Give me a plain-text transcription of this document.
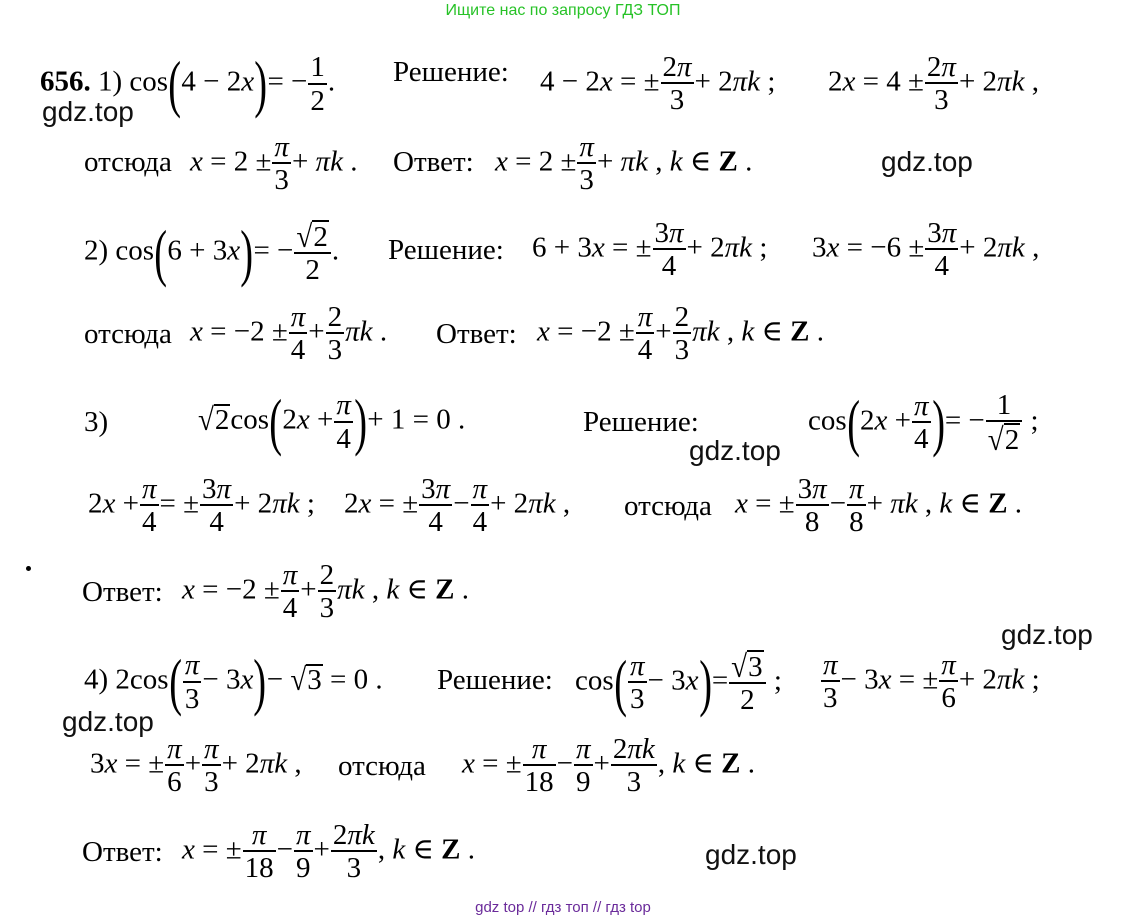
Ищите нас по запросу ГДЗ ТОП
gdz.top
gdz.top
gdz.top
gdz.top
gdz.top
gdz.top
656. 1) $\cos(4 - 2x)= - \frac{1}{2}$ . Решение: 4 − 2x = ± $\frac{2\pi}{3} + 2\pi k$ ; $2x = 4 \pm \frac{2\pi}{3} + 2\pi k$ ,
отсюда $x = 2 \pm \frac{\pi}{3} + \pi k$ . Ответ: $x = 2 \pm \frac{\pi}{3} + \pi k$ , k ∈ Z .
2) $\cos(6 + 3x)= - \frac{√2}{2}$ . Решение: 6 + 3x = ± $\frac{3\pi}{4} + 2\pi k$ ; $3x = -6 \pm \frac{3\pi}{4} + 2\pi k$ ,
отсюда $x = -2 \pm \frac{\pi}{4} + \frac{2}{3}$ πk . Ответ: $x = -2 \pm \frac{\pi}{4} + \frac{2}{3}$ πk , k ∈ Z .
3)	$√2\cos(2x + \frac{\pi}{4}$ )+ 1 = 0 .	Решение:	$\cos(2x + \frac{\pi}{4}$ )= − $\frac{1}{√2}$ ;
$2x + \frac{\pi}{4}$ = ± $\frac{3\pi}{4} + 2\pi k$ ; 2x = ± $\frac{3\pi}{4} - \frac{\pi}{4} + 2\pi k$ , отсюда x = ± $\frac{3\pi}{8} - \frac{\pi}{8} + \pi k$ , k ∈ Z .
Ответ: $x = -2 \pm \frac{\pi}{4} + \frac{2}{3}$ πk , k ∈ Z .
4) $2\cos( \frac{\pi}{3} - 3x)- √3 = 0$ . Решение: $\cos( \frac{\pi}{3} - 3x)= \frac{√3}{2}$ ; $\frac{\pi}{3} - 3x$ = ± $\frac{\pi}{6} + 2\pi k$ ;
3x = ± $\frac{\pi}{6} + \frac{\pi}{3} + 2\pi k$ , отсюда x = ± $\frac{\pi}{18} - \frac{\pi}{9} + \frac{2\pi k}{3}$ , k ∈ Z .
Ответ: x = ± $\frac{\pi}{18} - \frac{\pi}{9} + \frac{2\pi k}{3}$ , k ∈ Z .
gdz top // гдз топ // гдз top
